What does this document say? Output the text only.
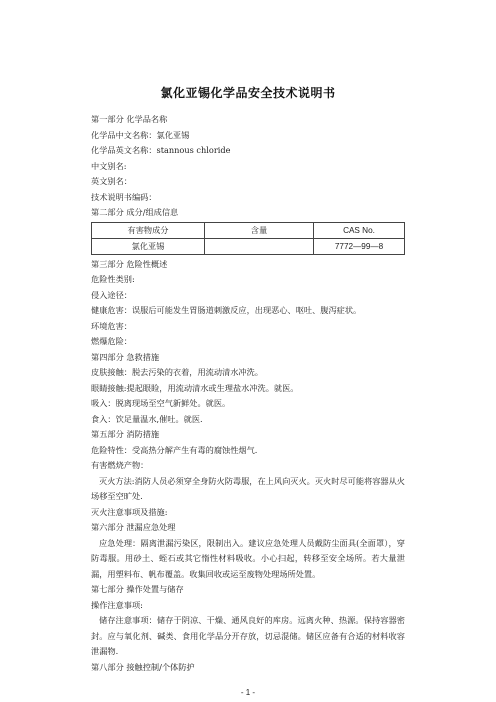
氯化亚锡化学品安全技术说明书
第一部分 化学品名称
化学品中文名称：氯化亚锡
化学品英文名称：stannous chloride
中文别名:
英文别名：
技术说明书编码：
第二部分 成分/组成信息
有害物成分	含量	CAS No.
氯化亚锡		7772—99—8
第三部分 危险性概述
危险性类别:
侵入途径：
健康危害：误服后可能发生胃肠道刺激反应，出现恶心、呕吐、腹泻症状。
环境危害：
燃爆危险：
第四部分 急救措施
皮肤接触：脱去污染的衣着，用流动清水冲洗。
眼睛接触:提起眼睑，用流动清水或生理盐水冲洗。就医。
吸入：脱离现场至空气新鲜处。就医。
食入：饮足量温水,催吐。就医.
第五部分 消防措施
危险特性：受高热分解产生有毒的腐蚀性烟气.
有害燃烧产物：

灭火方法:消防人员必须穿全身防火防毒服，在上风向灭火。灭火时尽可能将容器从火场移至空旷处.

灭火注意事项及措施:
第六部分 泄漏应急处理

应急处理：隔离泄漏污染区，限制出入。建议应急处理人员戴防尘面具(全面罩），穿防毒服。用砂土、蛭石或其它惰性材料吸收。小心扫起，转移至安全场所。若大量泄漏，用塑料布、帆布覆盖。收集回收或运至废物处理场所处置。

第七部分 操作处置与储存
操作注意事项:

储存注意事项：储存于阴凉、干燥、通风良好的库房。远离火种、热源。保持容器密封。应与氧化剂、碱类、食用化学品分开存放，切忌混储。储区应备有合适的材料收容泄漏物.

第八部分 接触控制/个体防护
- 1 -
